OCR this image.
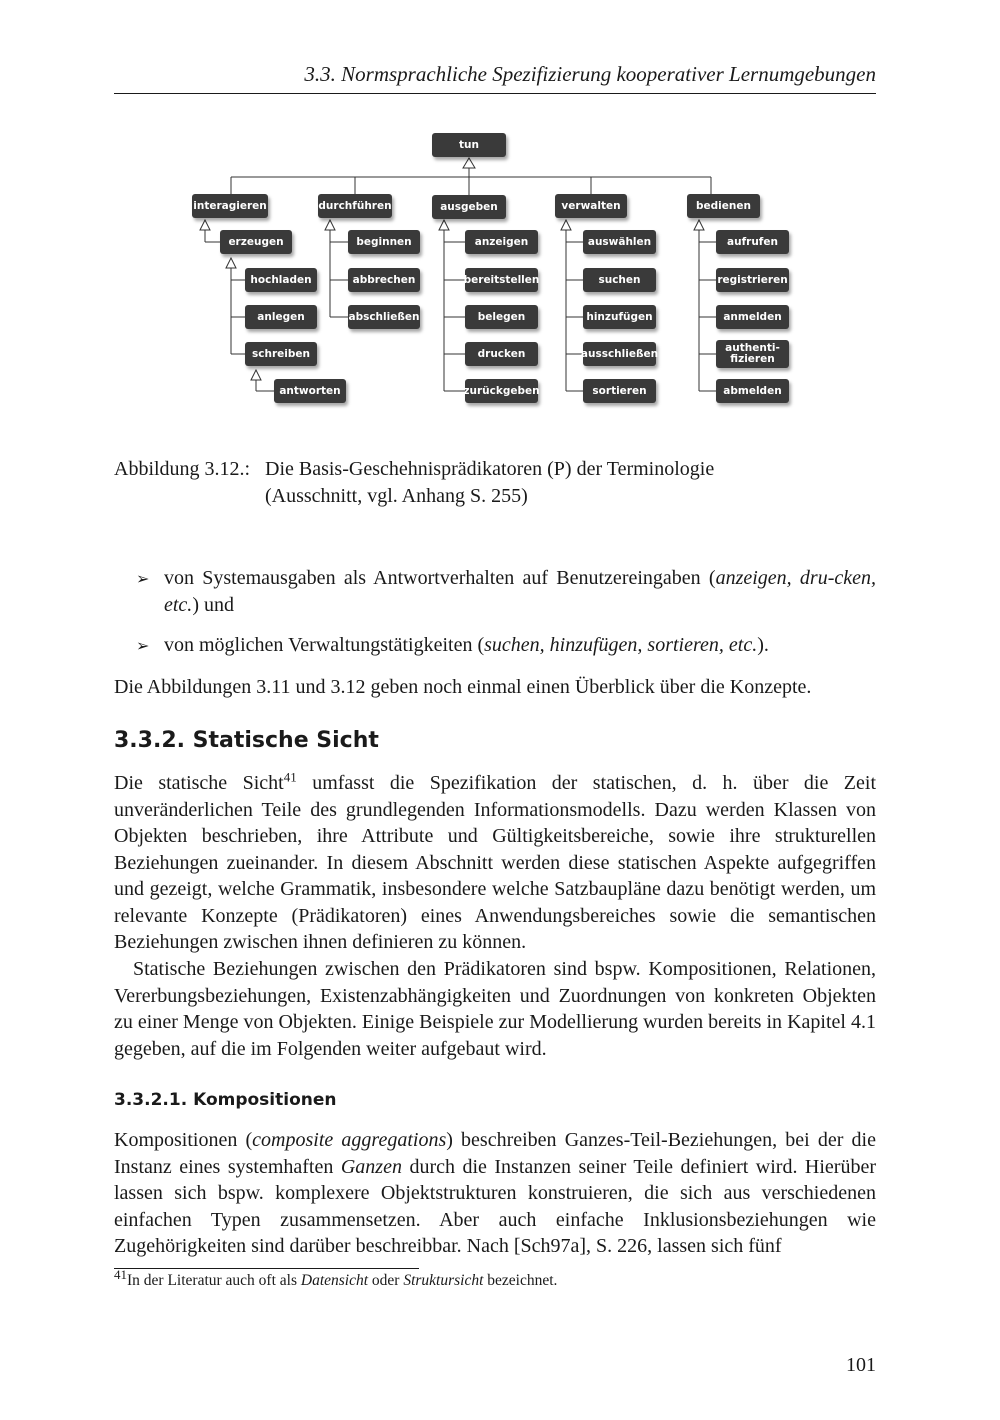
3.3. Normsprachliche Spezifizierung kooperativer Lernumgebungen
tun
interagieren	durchführen	ausgeben	verwalten	bedienen
erzeugen
hochladen
anlegen
schreiben
antworten
beginnen
abbrechen
abschließen
anzeigen
bereitstellen
belegen
drucken
zurückgeben
auswählen
suchen
hinzufügen
ausschließen
sortieren
aufrufen
registrieren
anmelden
authenti-
fizieren
abmelden
Abbildung 3.12.: Die Basis-Geschehnisprädikatoren (P) der Terminologie
(Ausschnitt, vgl. Anhang S. 255)
➢ von Systemausgaben als Antwortverhalten auf Benutzereingaben (anzeigen, dru-cken, etc.) und
➢ von möglichen Verwaltungstätigkeiten (suchen, hinzufügen, sortieren, etc.).
Die Abbildungen 3.11 und 3.12 geben noch einmal einen Überblick über die Konzepte.
3.3.2. Statische Sicht
Die statische Sicht$^{41}$ umfasst die Spezifikation der statischen, d. h. über die Zeit unveränderlichen Teile des grundlegenden Informationsmodells. Dazu werden Klassen von Objekten beschrieben, ihre Attribute und Gültigkeitsbereiche, sowie ihre strukturellen Beziehungen zueinander. In diesem Abschnitt werden diese statischen Aspekte aufgegriffen und gezeigt, welche Grammatik, insbesondere welche Satzbaupläne dazu benötigt werden, um relevante Konzepte (Prädikatoren) eines Anwendungsbereiches sowie die semantischen Beziehungen zwischen ihnen definieren zu können.
Statische Beziehungen zwischen den Prädikatoren sind bspw. Kompositionen, Relationen, Vererbungsbeziehungen, Existenzabhängigkeiten und Zuordnungen von konkreten Objekten zu einer Menge von Objekten. Einige Beispiele zur Modellierung wurden bereits in Kapitel 4.1 gegeben, auf die im Folgenden weiter aufgebaut wird.
3.3.2.1. Kompositionen
Kompositionen (composite aggregations) beschreiben Ganzes-Teil-Beziehungen, bei der die Instanz eines systemhaften Ganzen durch die Instanzen seiner Teile definiert wird. Hierüber lassen sich bspw. komplexere Objektstrukturen konstruieren, die sich aus verschiedenen einfachen Typen zusammensetzen. Aber auch einfache Inklusionsbeziehungen wie Zugehörigkeiten sind darüber beschreibbar. Nach [Sch97a], S. 226, lassen sich fünf
$^{41}$In der Literatur auch oft als Datensicht oder Struktursicht bezeichnet.
101
